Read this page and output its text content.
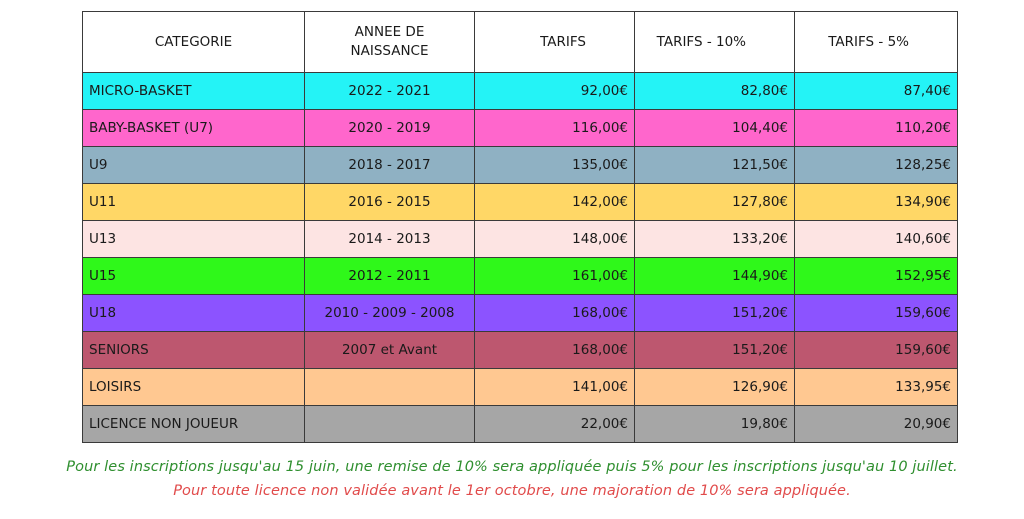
CATEGORIE	ANNEE DE NAISSANCE	TARIFS	TARIFS - 10%	TARIFS - 5%
MICRO-BASKET	2022 - 2021	92,00€	82,80€	87,40€
BABY-BASKET (U7)	2020 - 2019	116,00€	104,40€	110,20€
U9	2018 - 2017	135,00€	121,50€	128,25€
U11	2016 - 2015	142,00€	127,80€	134,90€
U13	2014 - 2013	148,00€	133,20€	140,60€
U15	2012 - 2011	161,00€	144,90€	152,95€
U18	2010 - 2009 - 2008	168,00€	151,20€	159,60€
SENIORS	2007 et Avant	168,00€	151,20€	159,60€
LOISIRS		141,00€	126,90€	133,95€
LICENCE NON JOUEUR		22,00€	19,80€	20,90€
Pour les inscriptions jusqu'au 15 juin, une remise de 10% sera appliquée puis 5% pour les inscriptions jusqu'au 10 juillet.
Pour toute licence non validée avant le 1er octobre, une majoration de 10% sera appliquée.
